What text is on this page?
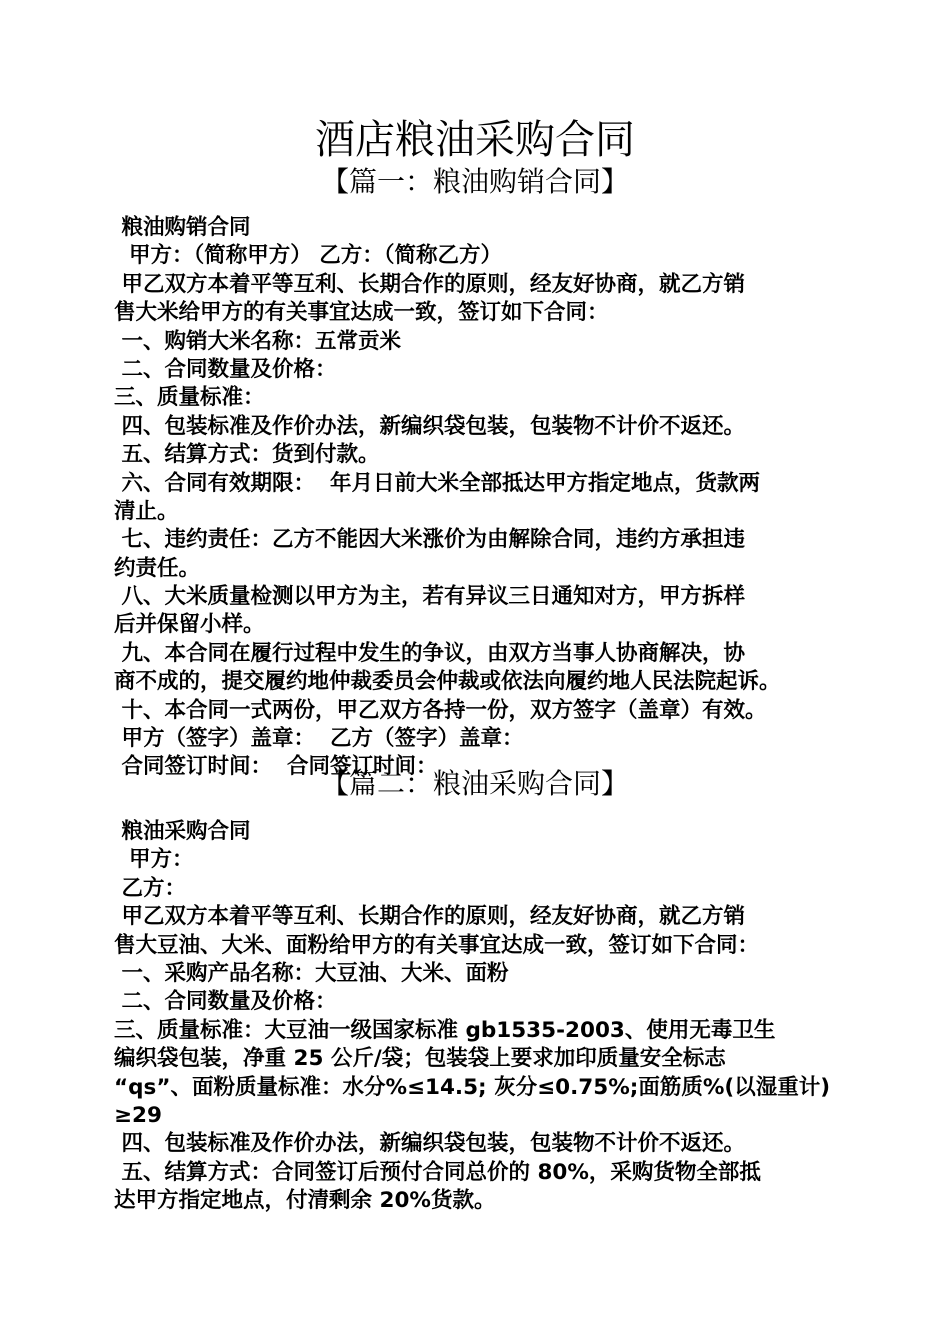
酒店粮油采购合同
【篇一：粮油购销合同】
粮油购销合同
甲方：（简称甲方） 乙方：（简称乙方）
甲乙双方本着平等互利、长期合作的原则，经友好协商，就乙方销
售大米给甲方的有关事宜达成一致，签订如下合同：
一、购销大米名称：五常贡米
二、合同数量及价格：
三、质量标准：
四、包装标准及作价办法，新编织袋包装，包装物不计价不返还。
五、结算方式：货到付款。
六、合同有效期限：  年月日前大米全部抵达甲方指定地点，货款两
清止。
七、违约责任：乙方不能因大米涨价为由解除合同，违约方承担违
约责任。
八、大米质量检测以甲方为主，若有异议三日通知对方，甲方拆样
后并保留小样。
九、本合同在履行过程中发生的争议，由双方当事人协商解决，协
商不成的，提交履约地仲裁委员会仲裁或依法向履约地人民法院起诉。
十、本合同一式两份，甲乙双方各持一份，双方签字（盖章）有效。
甲方（签字）盖章：  乙方（签字）盖章：
合同签订时间：  合同签订时间：
【篇二：粮油采购合同】
粮油采购合同
甲方：
乙方：
甲乙双方本着平等互利、长期合作的原则，经友好协商，就乙方销
售大豆油、大米、面粉给甲方的有关事宜达成一致，签订如下合同：
一、采购产品名称：大豆油、大米、面粉
二、合同数量及价格：
三、质量标准：大豆油一级国家标准 gb1535-2003、使用无毒卫生
编织袋包装，净重 25 公斤/袋；包装袋上要求加印质量安全标志
“qs”、面粉质量标准：水分%≤14.5; 灰分≤0.75%;面筋质%(以湿重计)
≥29
四、包装标准及作价办法，新编织袋包装，包装物不计价不返还。
五、结算方式：合同签订后预付合同总价的 80%，采购货物全部抵
达甲方指定地点，付清剩余 20%货款。
